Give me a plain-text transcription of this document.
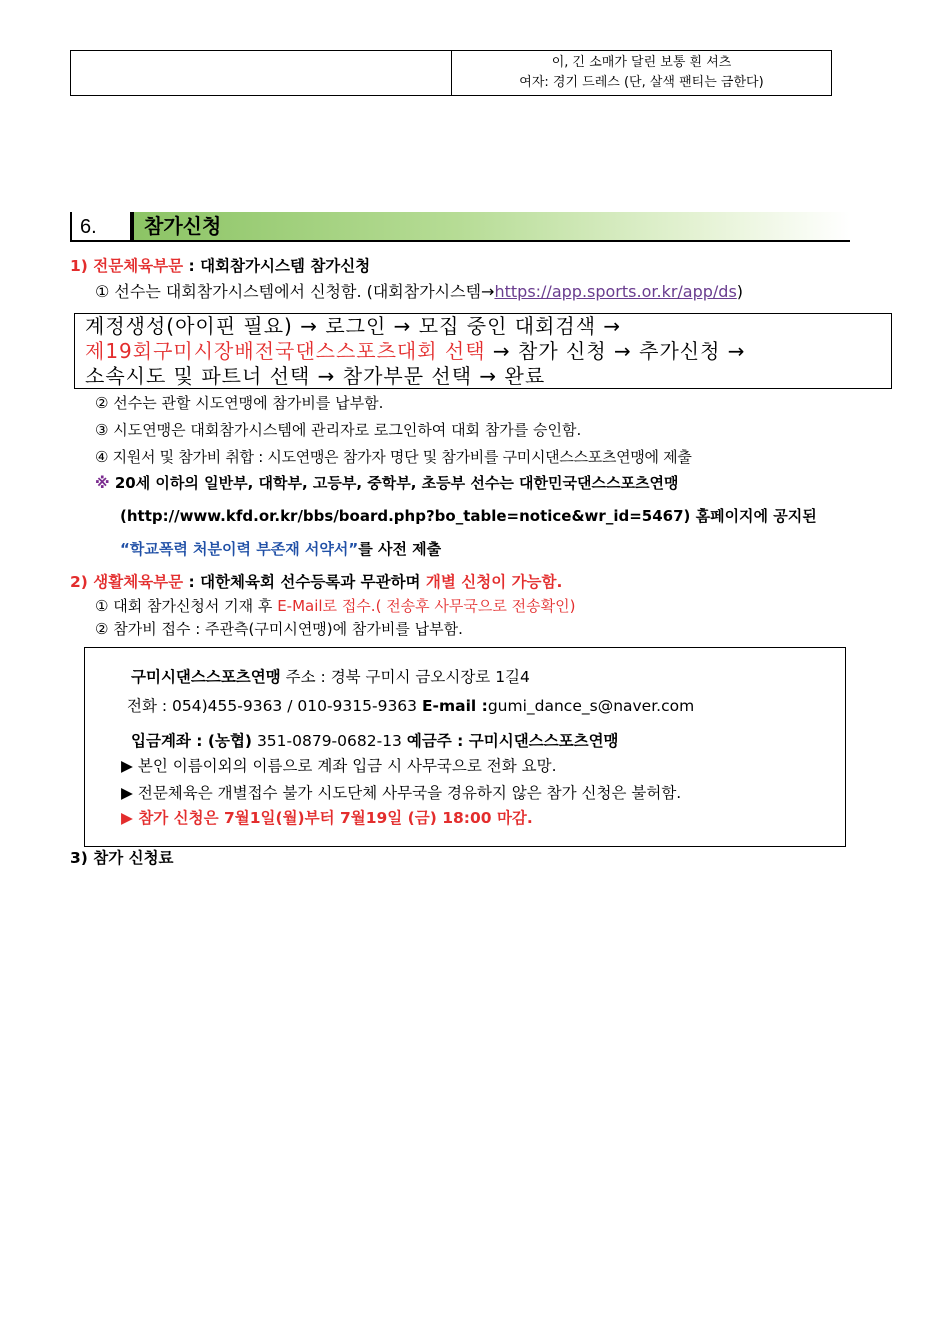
이, 긴 소매가 달린 보통 흰 셔츠
여자: 경기 드레스 (단, 살색 팬티는 금한다)
6.	참가신청
1) 전문체육부문 : 대회참가시스템 참가신청
① 선수는 대회참가시스템에서 신청함. (대회참가시스템→https://app.sports.or.kr/app/ds)
계정생성(아이핀 필요) → 로그인 → 모집 중인 대회검색 →
제19회구미시장배전국댄스스포츠대회 선택 → 참가 신청 → 추가신청 →
소속시도 및 파트너 선택 → 참가부문 선택 → 완료
② 선수는 관할 시도연맹에 참가비를 납부함.
③ 시도연맹은 대회참가시스템에 관리자로 로그인하여 대회 참가를 승인함.
④ 지원서 및 참가비 취합 : 시도연맹은 참가자 명단 및 참가비를 구미시댄스스포츠연맹에 제출
※ 20세 이하의 일반부, 대학부, 고등부, 중학부, 초등부 선수는 대한민국댄스스포츠연맹
(http://www.kfd.or.kr/bbs/board.php?bo_table=notice&wr_id=5467) 홈페이지에 공지된
“학교폭력 처분이력 부존재 서약서”를 사전 제출
2) 생활체육부문 : 대한체육회 선수등록과 무관하며 개별 신청이 가능함.
① 대회 참가신청서 기재 후 E-Mail로 접수.( 전송후 사무국으로 전송확인)
② 참가비 접수 : 주관측(구미시연맹)에 참가비를 납부함.
구미시댄스스포츠연맹 주소 : 경북 구미시 금오시장로 1길4
전화 : 054)455-9363 / 010-9315-9363 E-mail :gumi_dance_s@naver.com
입금계좌 : (농협) 351-0879-0682-13 예금주 : 구미시댄스스포츠연맹
▶ 본인 이름이외의 이름으로 계좌 입금 시 사무국으로 전화 요망.
▶ 전문체육은 개별접수 불가 시도단체 사무국을 경유하지 않은 참가 신청은 불허함.
▶ 참가 신청은 7월1일(월)부터 7월19일 (금) 18:00 마감.
3) 참가 신청료
